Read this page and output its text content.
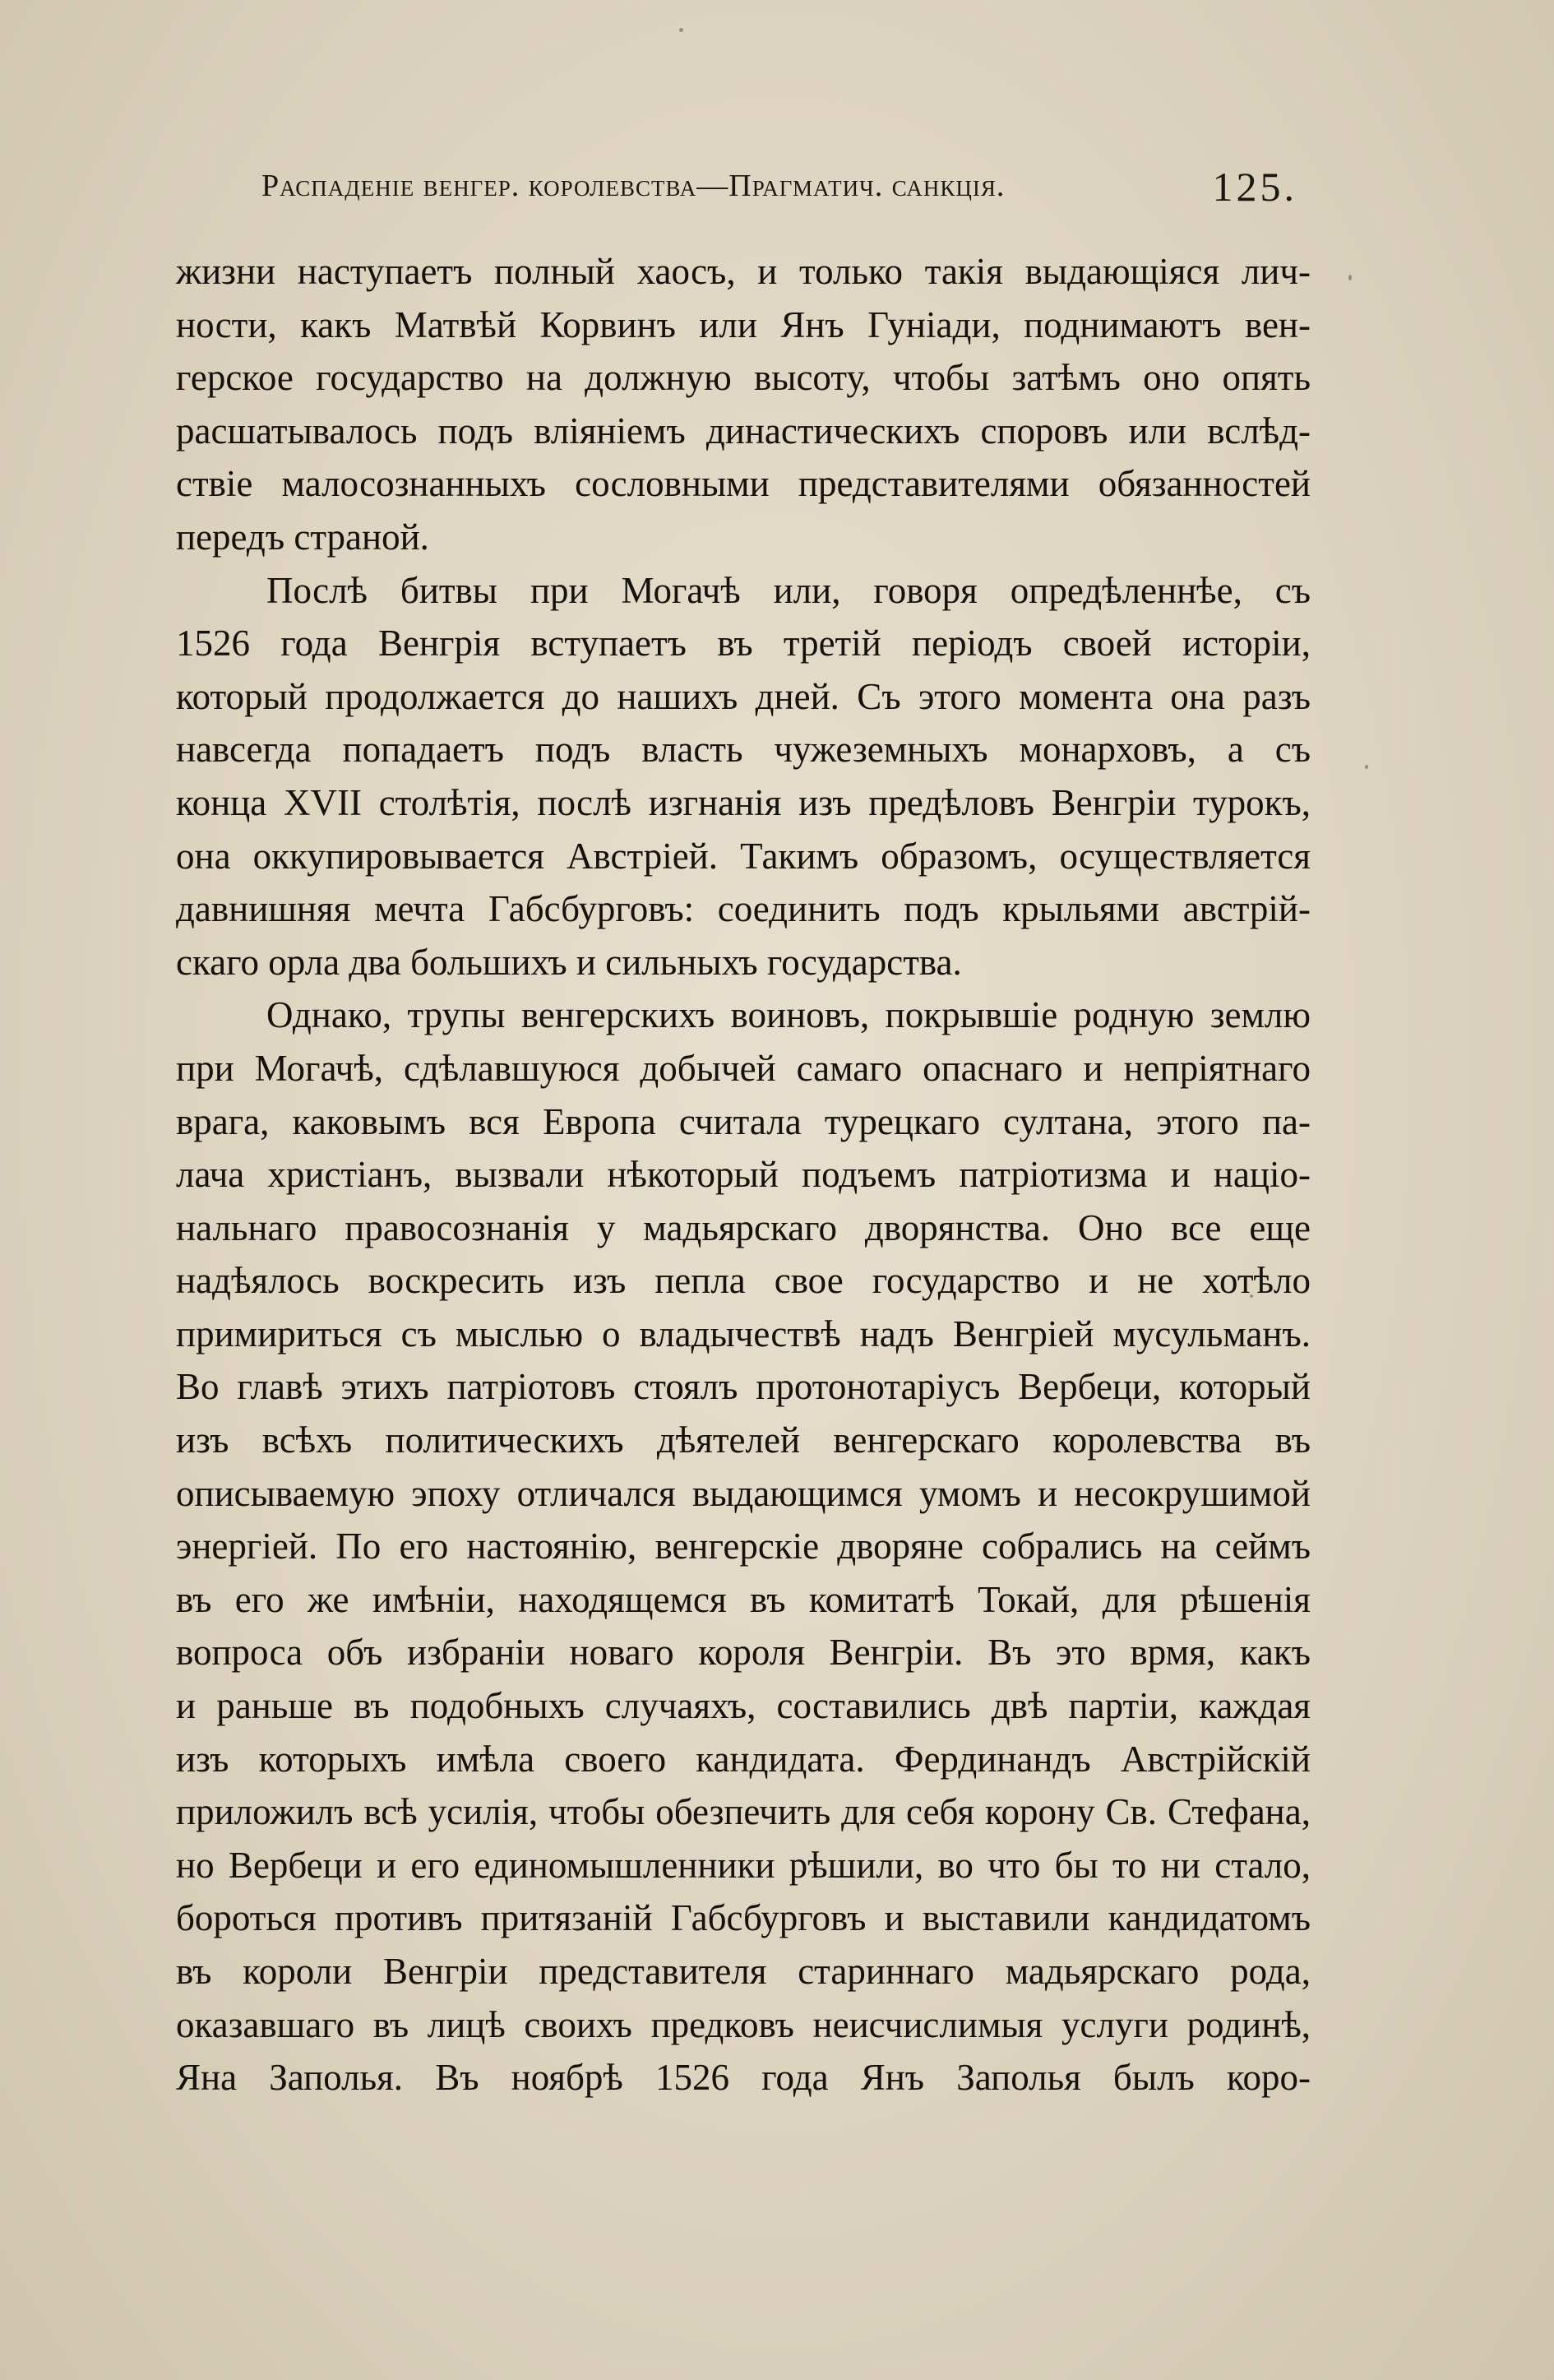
Распаденіе венгер. королевства—Прагматич. санкція.	125.
жизни наступаетъ полный хаосъ, и только такія выдающіяся лич-
ности, какъ Матвѣй Корвинъ или Янъ Гуніади, поднимаютъ вен-
герское государство на должную высоту, чтобы затѣмъ оно опять
расшатывалось подъ вліяніемъ династическихъ споровъ или вслѣд-
ствіе малосознанныхъ сословными представителями обязанностей
передъ страной.
Послѣ битвы при Могачѣ или, говоря опредѣленнѣе, съ
1526 года Венгрія вступаетъ въ третій періодъ своей исторіи,
который продолжается до нашихъ дней. Съ этого момента она разъ
навсегда попадаетъ подъ власть чужеземныхъ монарховъ, а съ
конца XVII столѣтія, послѣ изгнанія изъ предѣловъ Венгріи турокъ,
она оккупировывается Австріей. Такимъ образомъ, осуществляется
давнишняя мечта Габсбурговъ: соединить подъ крыльями австрій-
скаго орла два большихъ и сильныхъ государства.
Однако, трупы венгерскихъ воиновъ, покрывшіе родную землю
при Могачѣ, сдѣлавшуюся добычей самаго опаснаго и непріятнаго
врага, каковымъ вся Европа считала турецкаго султана, этого па-
лача христіанъ, вызвали нѣкоторый подъемъ патріотизма и націо-
нальнаго правосознанія у мадьярскаго дворянства. Оно все еще
надѣялось воскресить изъ пепла свое государство и не хотѣло
примириться съ мыслью о владычествѣ надъ Венгріей мусульманъ.
Во главѣ этихъ патріотовъ стоялъ протонотаріусъ Вербеци, который
изъ всѣхъ политическихъ дѣятелей венгерскаго королевства въ
описываемую эпоху отличался выдающимся умомъ и несокрушимой
энергіей. По его настоянію, венгерскіе дворяне собрались на сеймъ
въ его же имѣніи, находящемся въ комитатѣ Токай, для рѣшенія
вопроса объ избраніи новаго короля Венгріи. Въ это врмя, какъ
и раньше въ подобныхъ случаяхъ, составились двѣ партіи, каждая
изъ которыхъ имѣла своего кандидата. Фердинандъ Австрійскій
приложилъ всѣ усилія, чтобы обезпечить для себя корону Св. Стефана,
но Вербеци и его единомышленники рѣшили, во что бы то ни стало,
бороться противъ притязаній Габсбурговъ и выставили кандидатомъ
въ короли Венгріи представителя стариннаго мадьярскаго рода,
оказавшаго въ лицѣ своихъ предковъ неисчислимыя услуги родинѣ,
Яна Заполья. Въ ноябрѣ 1526 года Янъ Заполья былъ коро-
